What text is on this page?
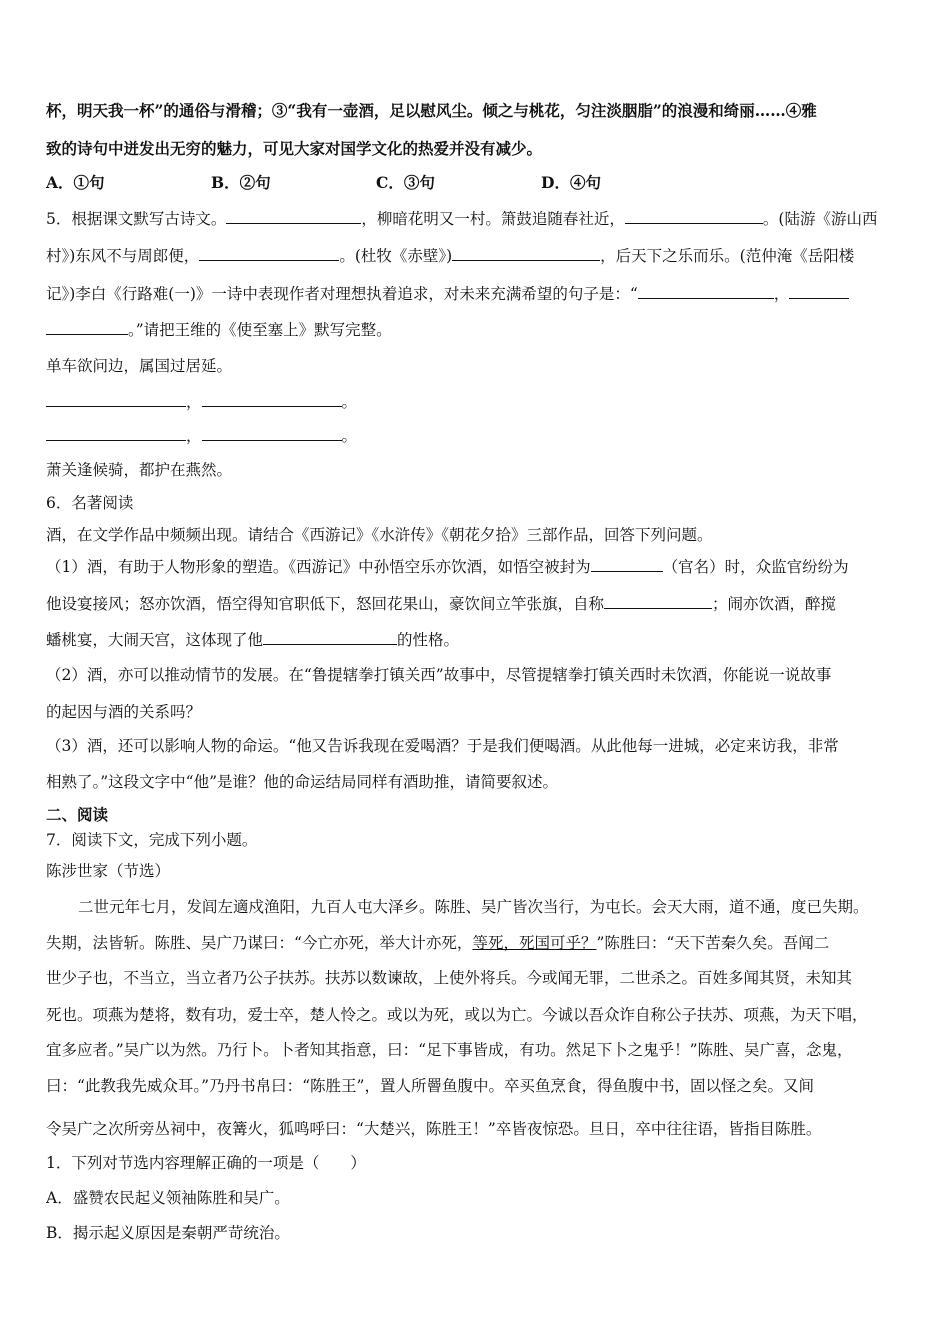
杯，明天我一杯”的通俗与滑稽；③“我有一壶酒，足以慰风尘。倾之与桃花，匀注淡胭脂”的浪漫和绮丽……④雅
致的诗句中迸发出无穷的魅力，可见大家对国学文化的热爱并没有减少。
A．①句	B．②句	C．③句	D．④句
5．根据课文默写古诗文。	，柳暗花明又一村。箫鼓追随春社近，	。(陆游《游山西
村》)东风不与周郎便，	。(杜牧《赤壁》)	，后天下之乐而乐。(范仲淹《岳阳楼
记》)李白《行路难(一)》一诗中表现作者对理想执着追求，对未来充满希望的句子是：“	，
。”请把王维的《使至塞上》默写完整。
单车欲问边，属国过居延。
，	。
，	。
萧关逢候骑，都护在燕然。
6．名著阅读
酒，在文学作品中频频出现。请结合《西游记》《水浒传》《朝花夕拾》三部作品，回答下列问题。
（1）酒，有助于人物形象的塑造。《西游记》中孙悟空乐亦饮酒，如悟空被封为	（官名）时，众监官纷纷为
他设宴接风；怒亦饮酒，悟空得知官职低下，怒回花果山，豪饮间立竿张旗，自称	；闹亦饮酒，醉搅
蟠桃宴，大闹天宫，这体现了他	的性格。
（2）酒，亦可以推动情节的发展。在“鲁提辖拳打镇关西”故事中，尽管提辖拳打镇关西时未饮酒，你能说一说故事
的起因与酒的关系吗？
（3）酒，还可以影响人物的命运。“他又告诉我现在爱喝酒？于是我们便喝酒。从此他每一进城，必定来访我，非常
相熟了。”这段文字中“他”是谁？他的命运结局同样有酒助推，请简要叙述。
二、阅读
7．阅读下文，完成下列小题。
陈涉世家（节选）
二世元年七月，发闾左適戍渔阳，九百人屯大泽乡。陈胜、吴广皆次当行，为屯长。会天大雨，道不通，度已失期。
失期，法皆斩。陈胜、吴广乃谋曰：“今亡亦死，举大计亦死，等死，死国可乎？”陈胜曰：“天下苦秦久矣。吾闻二
世少子也，不当立，当立者乃公子扶苏。扶苏以数谏故，上使外将兵。今或闻无罪，二世杀之。百姓多闻其贤，未知其
死也。项燕为楚将，数有功，爱士卒，楚人怜之。或以为死，或以为亡。今诚以吾众诈自称公子扶苏、项燕，为天下唱，
宜多应者。”吴广以为然。乃行卜。卜者知其指意，曰：“足下事皆成，有功。然足下卜之鬼乎！”陈胜、吴广喜，念鬼，
曰：“此教我先威众耳。”乃丹书帛曰：“陈胜王”，置人所罾鱼腹中。卒买鱼烹食，得鱼腹中书，固以怪之矣。又间
令吴广之次所旁丛祠中，夜篝火，狐鸣呼曰：“大楚兴，陈胜王！”卒皆夜惊恐。旦日，卒中往往语，皆指目陈胜。
1．下列对节选内容理解正确的一项是（　　）
A．盛赞农民起义领袖陈胜和吴广。
B．揭示起义原因是秦朝严苛统治。
